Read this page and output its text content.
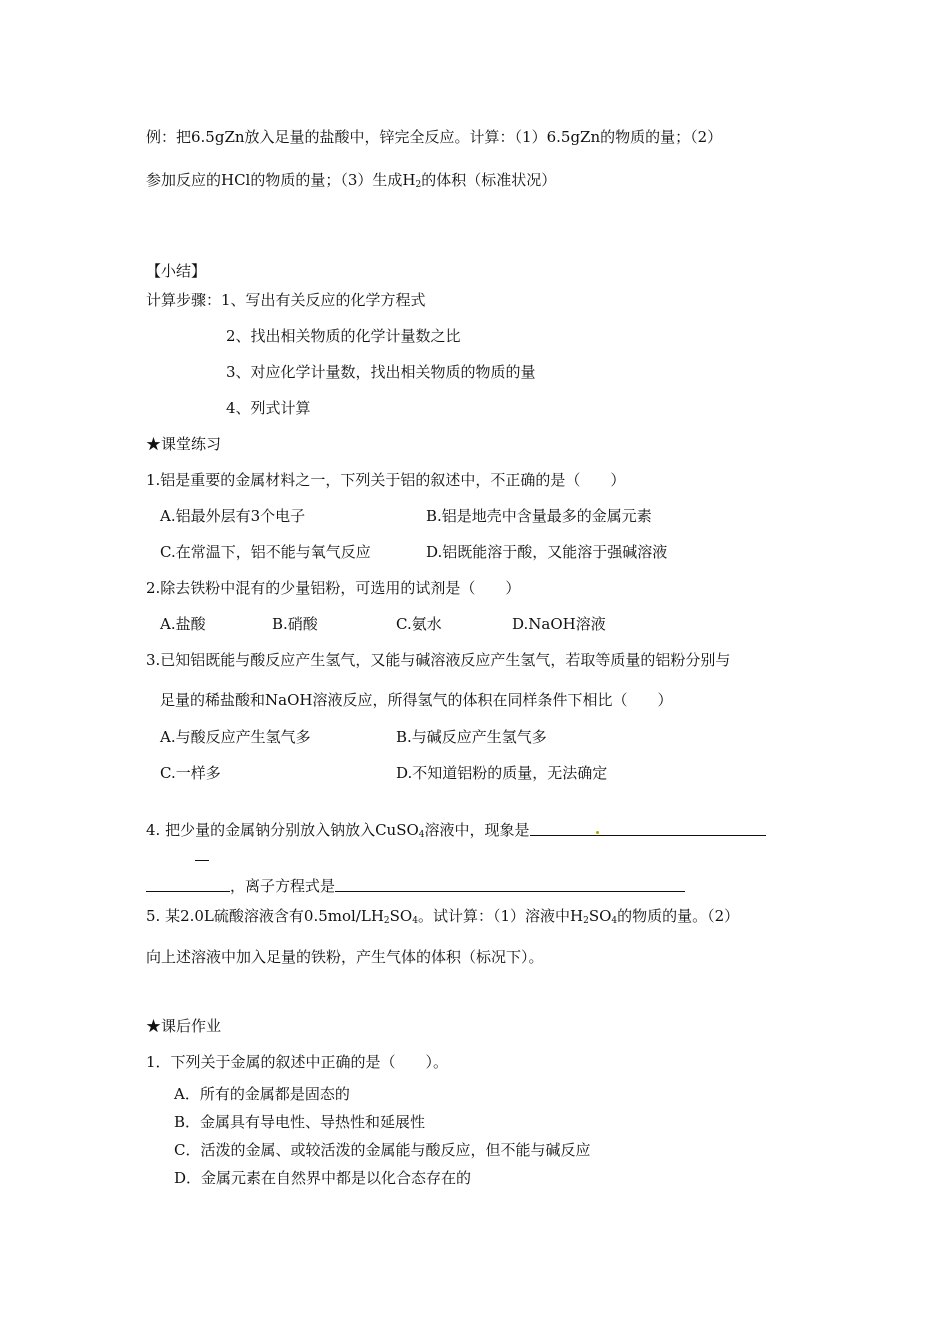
例：把6.5gZn放入足量的盐酸中，锌完全反应。计算：（1）6.5gZn的物质的量；（2）
参加反应的HCl的物质的量；（3）生成$H_2$的体积（标准状况）
【小结】
计算步骤：1、写出有关反应的化学方程式
2、找出相关物质的化学计量数之比
3、对应化学计量数，找出相关物质的物质的量
4、列式计算
★课堂练习
1.铝是重要的金属材料之一，下列关于铝的叙述中，不正确的是（　　）
A.铝最外层有3个电子	B.铝是地壳中含量最多的金属元素
C.在常温下，铝不能与氧气反应	D.铝既能溶于酸，又能溶于强碱溶液
2.除去铁粉中混有的少量铝粉，可选用的试剂是（　　）
A.盐酸	B.硝酸	C.氨水	D.NaOH溶液
3.已知铝既能与酸反应产生氢气，又能与碱溶液反应产生氢气，若取等质量的铝粉分别与
足量的稀盐酸和NaOH溶液反应，所得氢气的体积在同样条件下相比（　　）
A.与酸反应产生氢气多	B.与碱反应产生氢气多
C.一样多	D.不知道铝粉的质量，无法确定
4. 把少量的金属钠分别放入钠放入CuSO$_4$溶液中，现象是
，离子方程式是
5. 某2.0L硫酸溶液含有$0.5mol/LH_2SO_4$。试计算：（1）溶液中$H_2SO_4$的物质的量。（2）
向上述溶液中加入足量的铁粉，产生气体的体积（标况下）。
★课后作业
1．下列关于金属的叙述中正确的是（　　）。
A．所有的金属都是固态的
B．金属具有导电性、导热性和延展性
C．活泼的金属、或较活泼的金属能与酸反应，但不能与碱反应
D．金属元素在自然界中都是以化合态存在的
